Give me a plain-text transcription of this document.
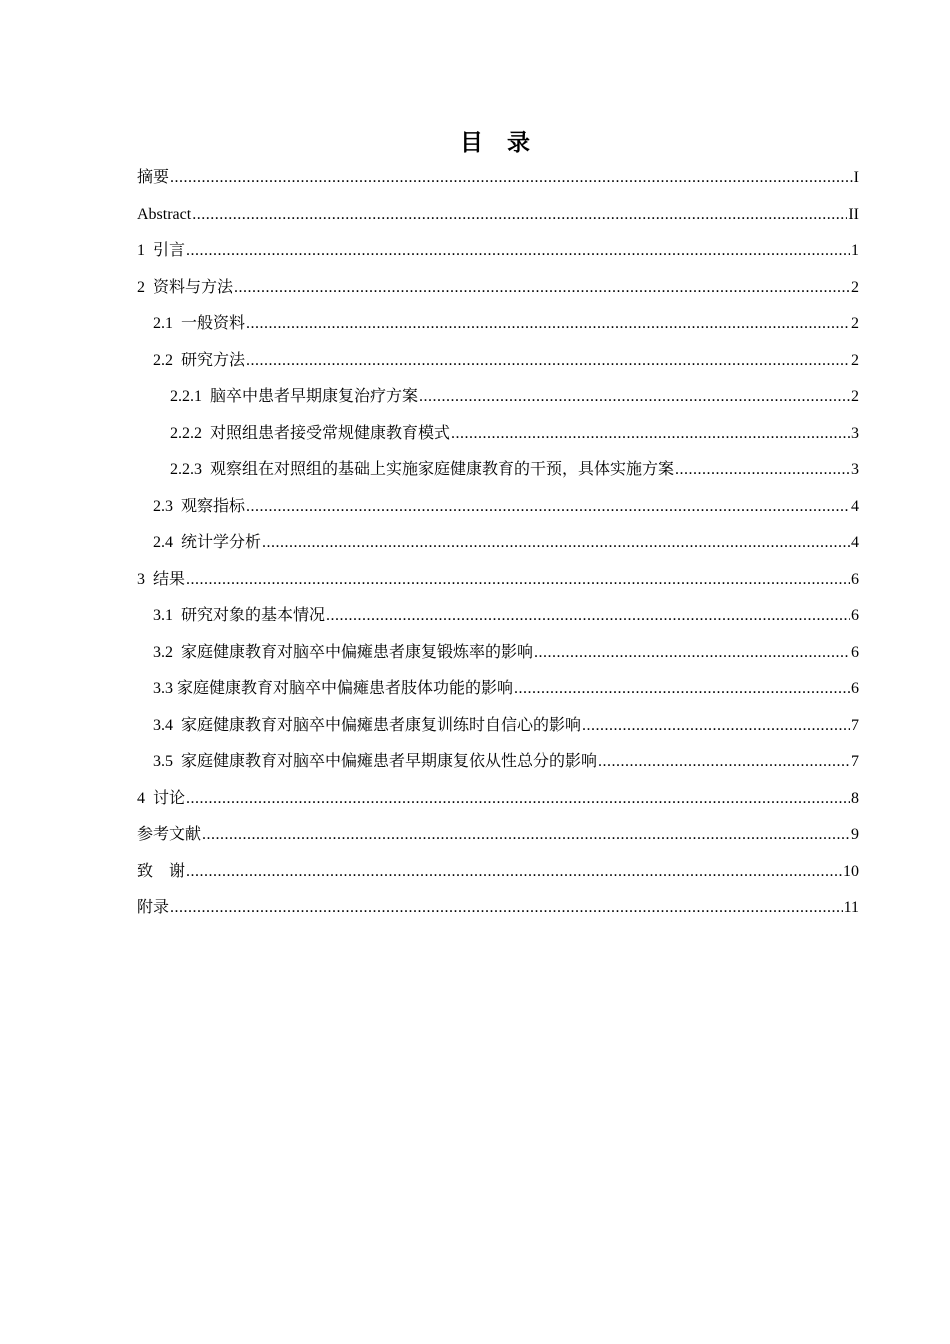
目 录
摘要 .....	I
Abstract .....	II
1  引言 .....	1
2  资料与方法 .....	2
2.1  一般资料 .....	2
2.2  研究方法 .....	2
2.2.1  脑卒中患者早期康复治疗方案 .....	2
2.2.2  对照组患者接受常规健康教育模式 .....	3
2.2.3  观察组在对照组的基础上实施家庭健康教育的干预，具体实施方案 .....	3
2.3  观察指标 .....	4
2.4  统计学分析 .....	4
3  结果 .....	6
3.1  研究对象的基本情况 .....	6
3.2  家庭健康教育对脑卒中偏瘫患者康复锻炼率的影响 .....	6
3.3 家庭健康教育对脑卒中偏瘫患者肢体功能的影响 .....	6
3.4  家庭健康教育对脑卒中偏瘫患者康复训练时自信心的影响 .....	7
3.5  家庭健康教育对脑卒中偏瘫患者早期康复依从性总分的影响 .....	7
4  讨论 .....	8
参考文献 .....	9
致    谢 .....	10
附录 .....	11
